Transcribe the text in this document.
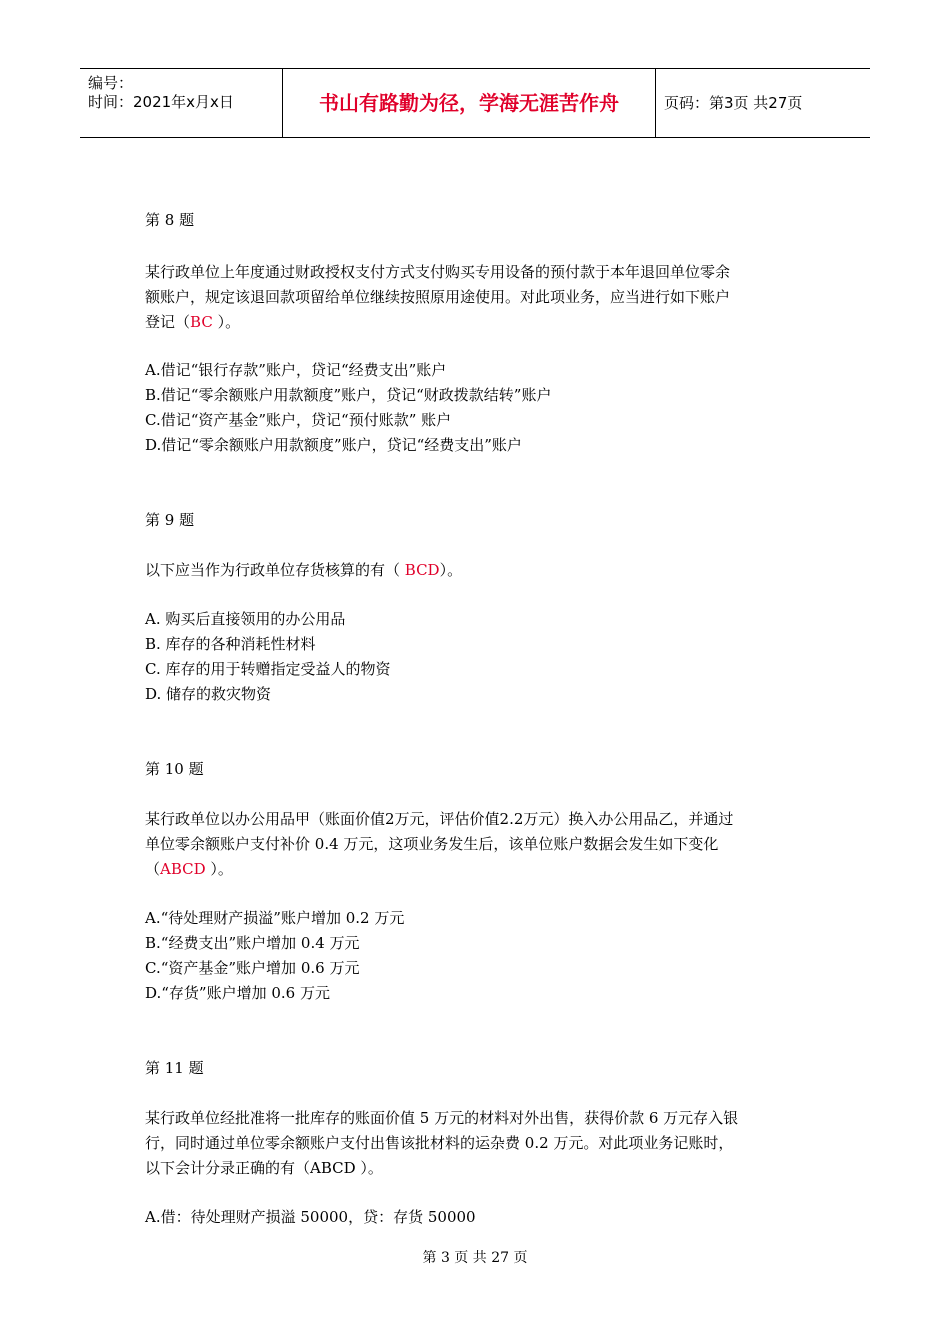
编号：
时间：2021年x月x日	书山有路勤为径，学海无涯苦作舟	页码：第3页 共27页
第 8 题
某行政单位上年度通过财政授权支付方式支付购买专用设备的预付款于本年退回单位零余
额账户，规定该退回款项留给单位继续按照原用途使用。对此项业务，应当进行如下账户
登记（BC ）。
A.借记“银行存款”账户，贷记“经费支出”账户
B.借记“零余额账户用款额度”账户，贷记“财政拨款结转”账户
C.借记“资产基金”账户，贷记“预付账款” 账户
D.借记“零余额账户用款额度”账户，贷记“经费支出”账户
第 9 题
以下应当作为行政单位存货核算的有（ BCD）。
A. 购买后直接领用的办公用品
B. 库存的各种消耗性材料
C. 库存的用于转赠指定受益人的物资
D. 储存的救灾物资
第 10 题
某行政单位以办公用品甲（账面价值2万元，评估价值2.2万元）换入办公用品乙，并通过
单位零余额账户支付补价 0.4 万元，这项业务发生后，该单位账户数据会发生如下变化
（ABCD ）。
A.“待处理财产损溢”账户增加 0.2 万元
B.“经费支出”账户增加 0.4 万元
C.“资产基金”账户增加 0.6 万元
D.“存货”账户增加 0.6 万元
第 11 题
某行政单位经批准将一批库存的账面价值 5 万元的材料对外出售，获得价款 6 万元存入银
行，同时通过单位零余额账户支付出售该批材料的运杂费 0.2 万元。对此项业务记账时，
以下会计分录正确的有（ABCD ）。
A.借：待处理财产损溢 50000，贷：存货 50000
第 3 页 共 27 页
